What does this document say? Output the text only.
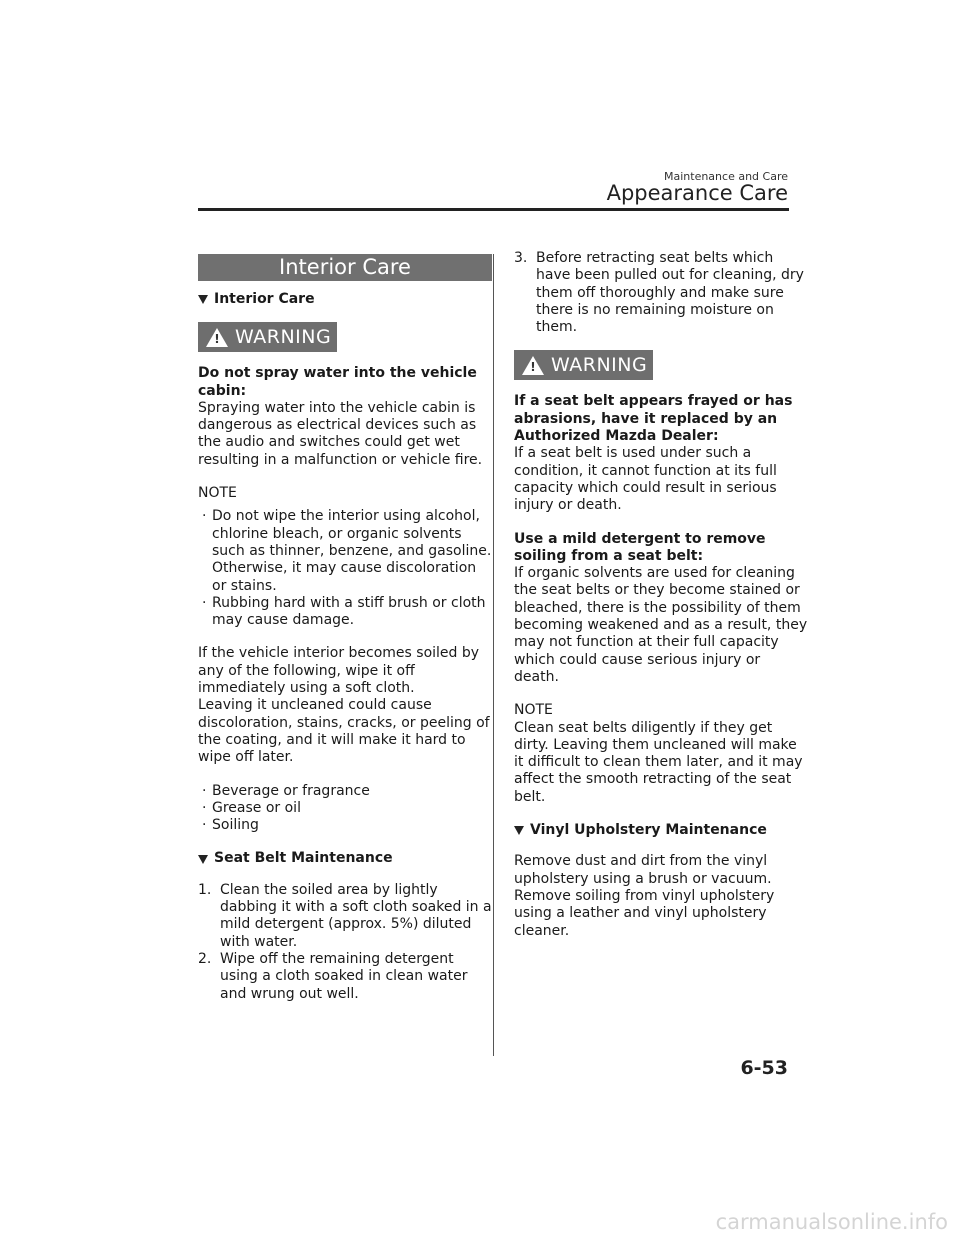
Maintenance and Care
Appearance Care
Interior Care
Interior Care
! WARNING

Do not spray water into the vehicle cabin:
Spraying water into the vehicle cabin is dangerous as electrical devices such as the audio and switches could get wet resulting in a malfunction or vehicle fire.

NOTE
· Do not wipe the interior using alcohol, chlorine bleach, or organic solvents such as thinner, benzene, and gasoline. Otherwise, it may cause discoloration or stains.
· Rubbing hard with a stiff brush or cloth may cause damage.

If the vehicle interior becomes soiled by any of the following, wipe it off immediately using a soft cloth.
Leaving it uncleaned could cause discoloration, stains, cracks, or peeling of the coating, and it will make it hard to wipe off later.

· Beverage or fragrance
· Grease or oil
· Soiling
Seat Belt Maintenance
1. Clean the soiled area by lightly dabbing it with a soft cloth soaked in a mild detergent (approx. 5%) diluted with water.
2. Wipe off the remaining detergent using a cloth soaked in clean water and wrung out well.
3. Before retracting seat belts which have been pulled out for cleaning, dry them off thoroughly and make sure there is no remaining moisture on them.
! WARNING

If a seat belt appears frayed or has abrasions, have it replaced by an Authorized Mazda Dealer:
If a seat belt is used under such a condition, it cannot function at its full capacity which could result in serious injury or death.

Use a mild detergent to remove soiling from a seat belt:
If organic solvents are used for cleaning the seat belts or they become stained or bleached, there is the possibility of them becoming weakened and as a result, they may not function at their full capacity which could cause serious injury or death.

NOTE
Clean seat belts diligently if they get dirty. Leaving them uncleaned will make it difficult to clean them later, and it may affect the smooth retracting of the seat belt.

Vinyl Upholstery Maintenance

Remove dust and dirt from the vinyl upholstery using a brush or vacuum.
Remove soiling from vinyl upholstery using a leather and vinyl upholstery cleaner.

6-53
carmanualsonline.info
